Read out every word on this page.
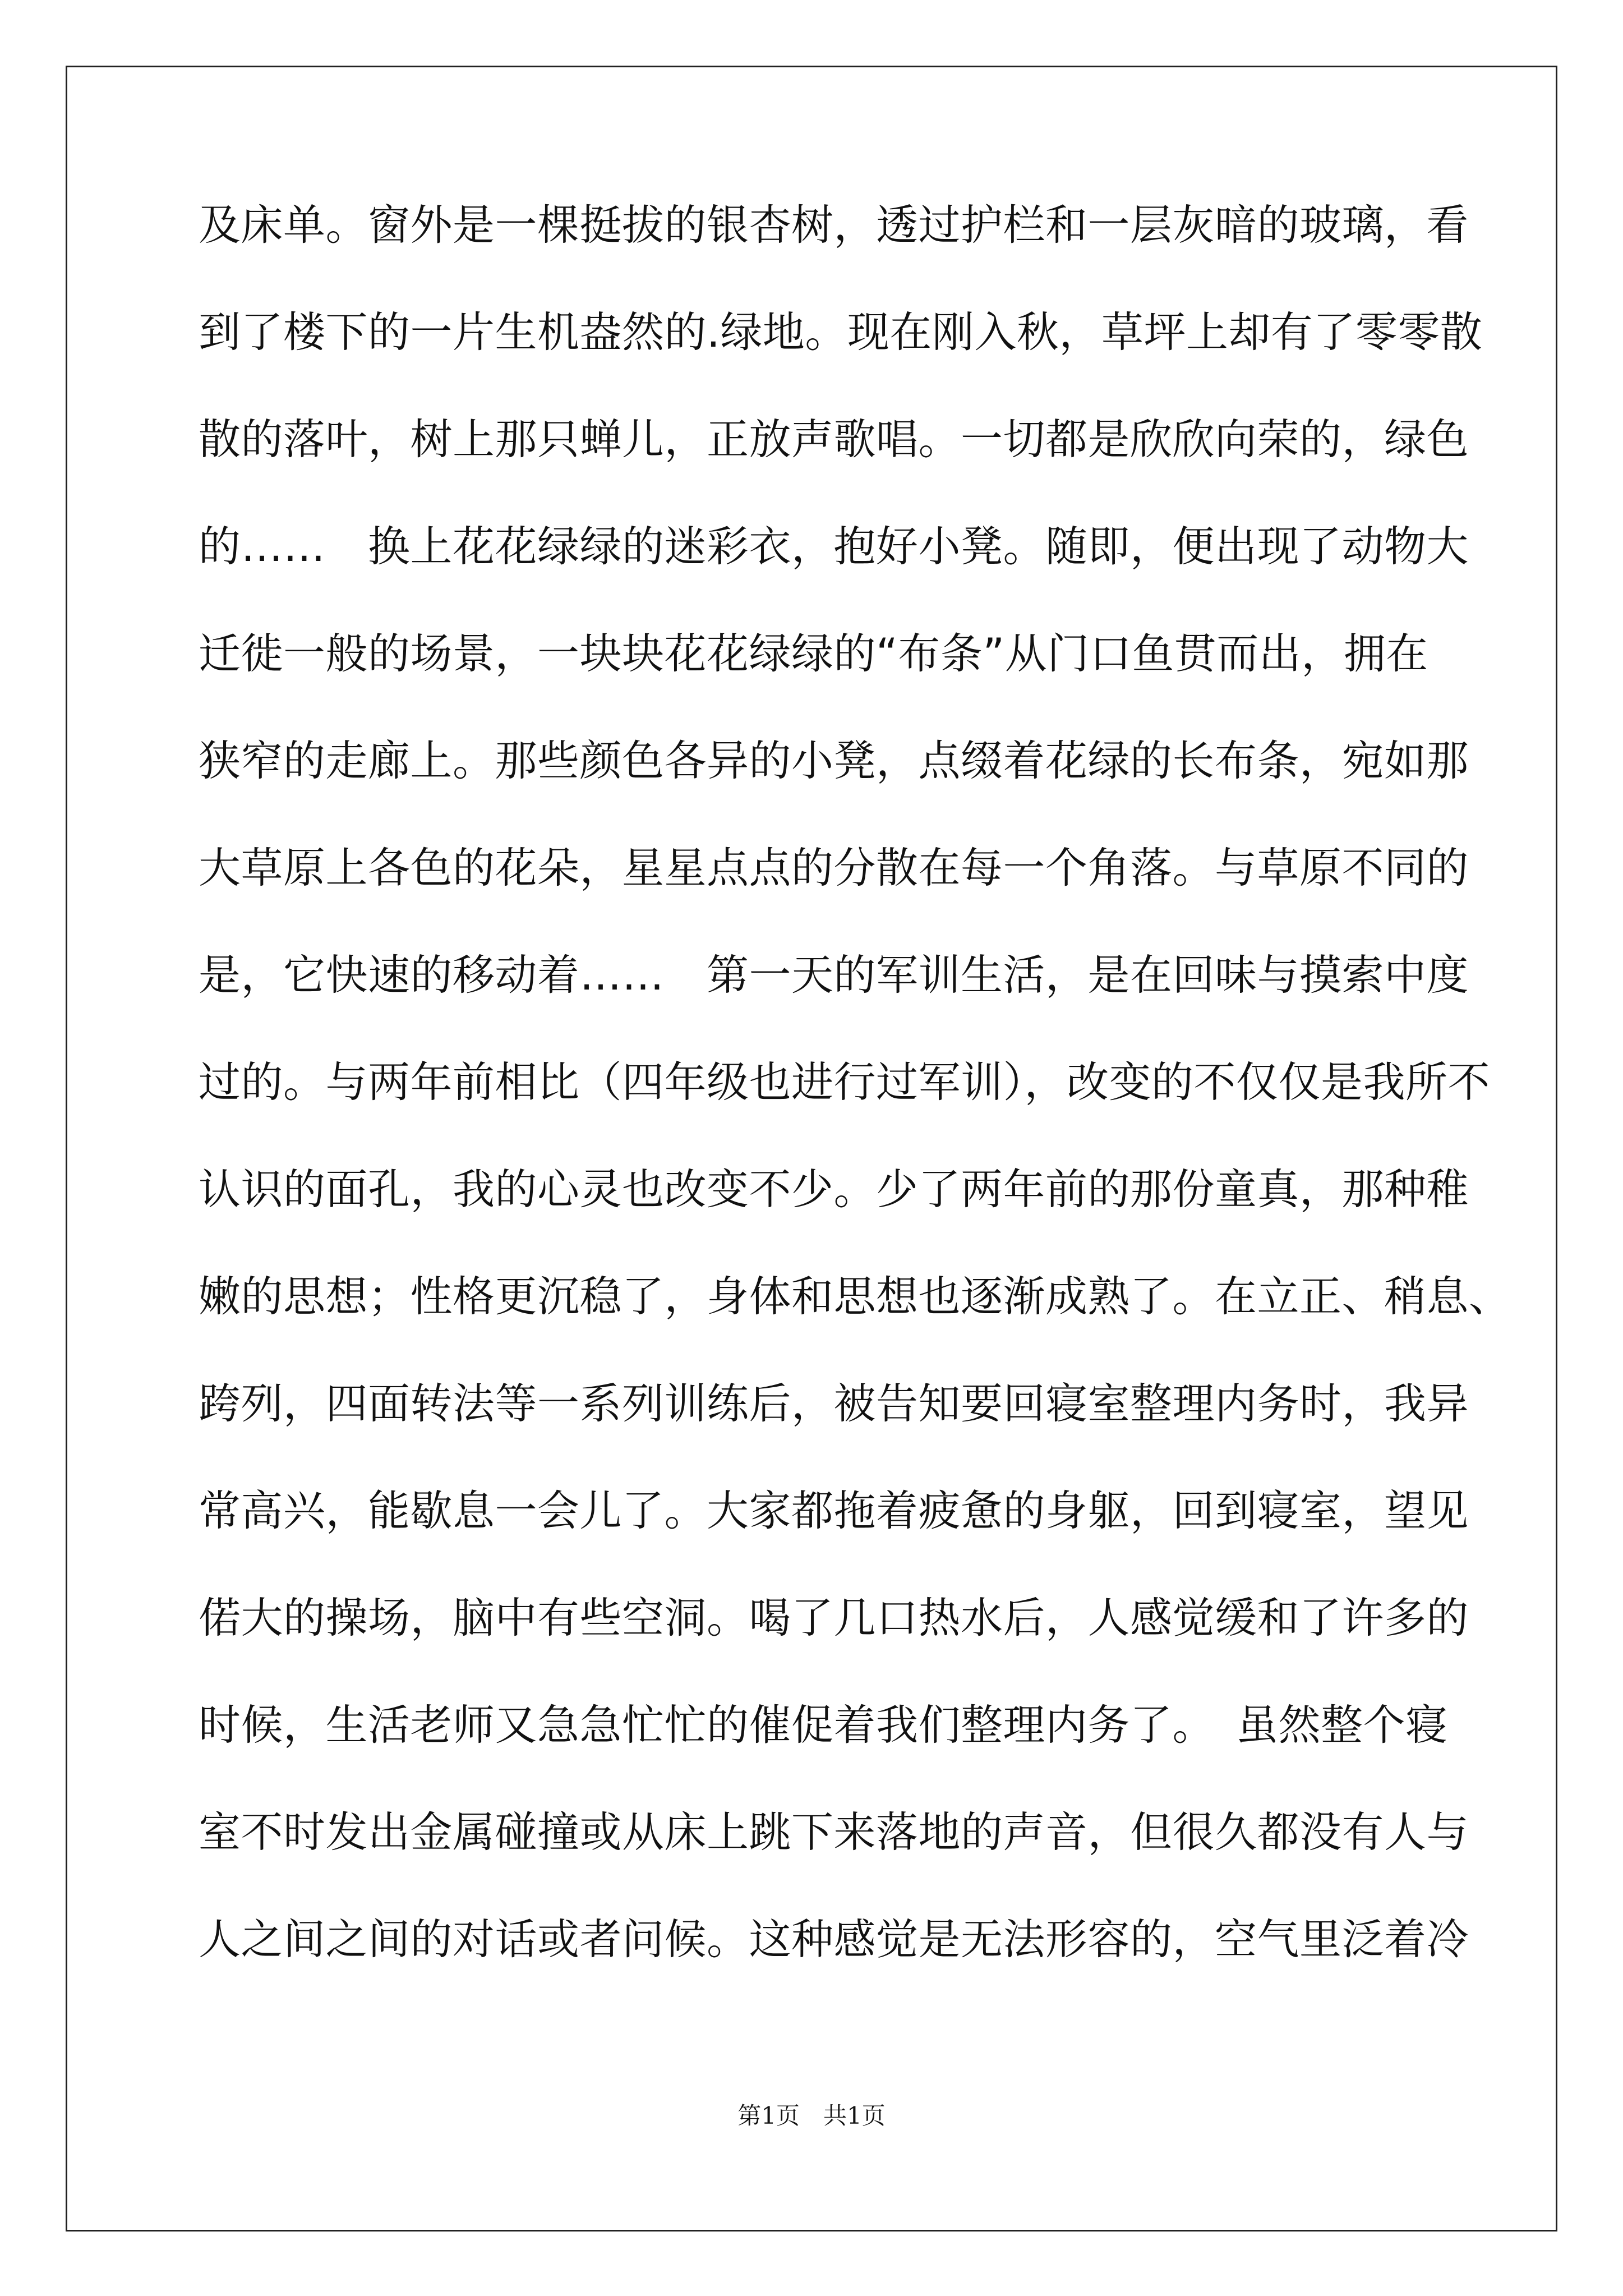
及床单。窗外是一棵挺拔的银杏树，透过护栏和一层灰暗的玻璃，看
到了楼下的一片生机盎然的.绿地。现在刚入秋，草坪上却有了零零散
散的落叶，树上那只蝉儿，正放声歌唱。一切都是欣欣向荣的，绿色
的……　换上花花绿绿的迷彩衣，抱好小凳。随即，便出现了动物大
迁徙一般的场景，一块块花花绿绿的“布条”从门口鱼贯而出，拥在
狭窄的走廊上。那些颜色各异的小凳，点缀着花绿的长布条，宛如那
大草原上各色的花朵，星星点点的分散在每一个角落。与草原不同的
是，它快速的移动着……　第一天的军训生活，是在回味与摸索中度
过的。与两年前相比（四年级也进行过军训），改变的不仅仅是我所不
认识的面孔，我的心灵也改变不少。少了两年前的那份童真，那种稚
嫩的思想；性格更沉稳了，身体和思想也逐渐成熟了。在立正、稍息、
跨列，四面转法等一系列训练后，被告知要回寝室整理内务时，我异
常高兴，能歇息一会儿了。大家都拖着疲惫的身躯，回到寝室，望见
偌大的操场，脑中有些空洞。喝了几口热水后，人感觉缓和了许多的
时候，生活老师又急急忙忙的催促着我们整理内务了。　虽然整个寝
室不时发出金属碰撞或从床上跳下来落地的声音，但很久都没有人与
人之间之间的对话或者问候。这种感觉是无法形容的，空气里泛着冷
第1页　共1页
